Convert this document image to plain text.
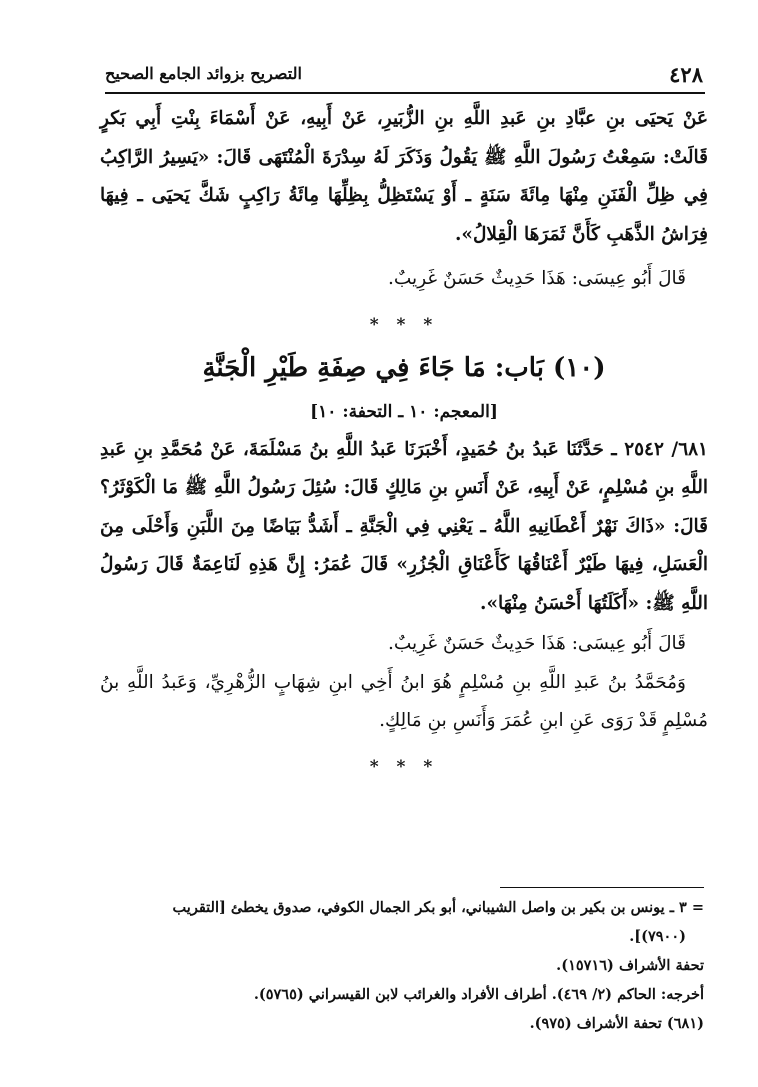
٤٢٨
التصريح بزوائد الجامع الصحيح

عَنْ يَحيَى بنِ عبَّادِ بنِ عَبدِ اللَّهِ بنِ الزُّبَيرِ، عَنْ أَبِيهِ، عَنْ أَسْمَاءَ بِنْتِ أَبِي بَكرٍ قَالَتْ: سَمِعْتُ رَسُولَ اللَّهِ ﷺ يَقُولُ وَذَكَرَ لَهُ سِدْرَةَ الْمُنْتَهَى قَالَ: «يَسِيرُ الرَّاكِبُ فِي ظِلِّ الْفَنَنِ مِنْهَا مِائَةَ سَنَةٍ ـ أَوْ يَسْتَظِلُّ بِظِلِّهَا مِائَةُ رَاكِبٍ شَكَّ يَحيَى ـ فِيهَا فِرَاشُ الذَّهَبِ كَأَنَّ ثَمَرَهَا الْقِلالُ».

قَالَ أَبُو عِيسَى: هَذَا حَدِيثٌ حَسَنٌ غَرِيبٌ.

* * *
(١٠) بَاب: مَا جَاءَ فِي صِفَةِ طَيْرِ الْجَنَّةِ
[المعجم: ١٠ ـ التحفة: ١٠]

٦٨١/ ٢٥٤٢ ـ حَدَّثَنَا عَبدُ بنُ حُمَيدٍ، أَخْبَرَنَا عَبدُ اللَّهِ بنُ مَسْلَمَةَ، عَنْ مُحَمَّدِ بنِ عَبدِ اللَّهِ بنِ مُسْلِمٍ، عَنْ أَبِيهِ، عَنْ أَنَسِ بنِ مَالِكٍ قَالَ: سُئِلَ رَسُولُ اللَّهِ ﷺ مَا الْكَوْثَرُ؟ قَالَ: «ذَاكَ نَهْرٌ أَعْطَانِيهِ اللَّهُ ـ يَعْنِي فِي الْجَنَّةِ ـ أَشَدُّ بَيَاضًا مِنَ اللَّبَنِ وَأَحْلَى مِنَ الْعَسَلِ، فِيهَا طَيْرٌ أَعْنَاقُهَا كَأَعْنَاقِ الْجُزُرِ» قَالَ عُمَرُ: إِنَّ هَذِهِ لَنَاعِمَةٌ قَالَ رَسُولُ اللَّهِ ﷺ: «أَكَلَتُهَا أَحْسَنُ مِنْهَا».

قَالَ أَبُو عِيسَى: هَذَا حَدِيثٌ حَسَنٌ غَرِيبٌ.

وَمُحَمَّدُ بنُ عَبدِ اللَّهِ بنِ مُسْلِمٍ هُوَ ابنُ أَخِي ابنِ شِهَابٍ الزُّهْرِيِّ، وَعَبدُ اللَّهِ بنُ مُسْلِمٍ قَدْ رَوَى عَنِ ابنِ عُمَرَ وَأَنَسِ بنِ مَالِكٍ.

* * *

= ٣ ـ يونس بن بكير بن واصل الشيباني، أبو بكر الجمال الكوفي، صدوق يخطئ [التقريب

(٧٩٠٠)].

تحفة الأشراف (١٥٧١٦).

أخرجه: الحاكم (٢/ ٤٦٩). أطراف الأفراد والغرائب لابن القيسراني (٥٧٦٥).

(٦٨١) تحفة الأشراف (٩٧٥).
